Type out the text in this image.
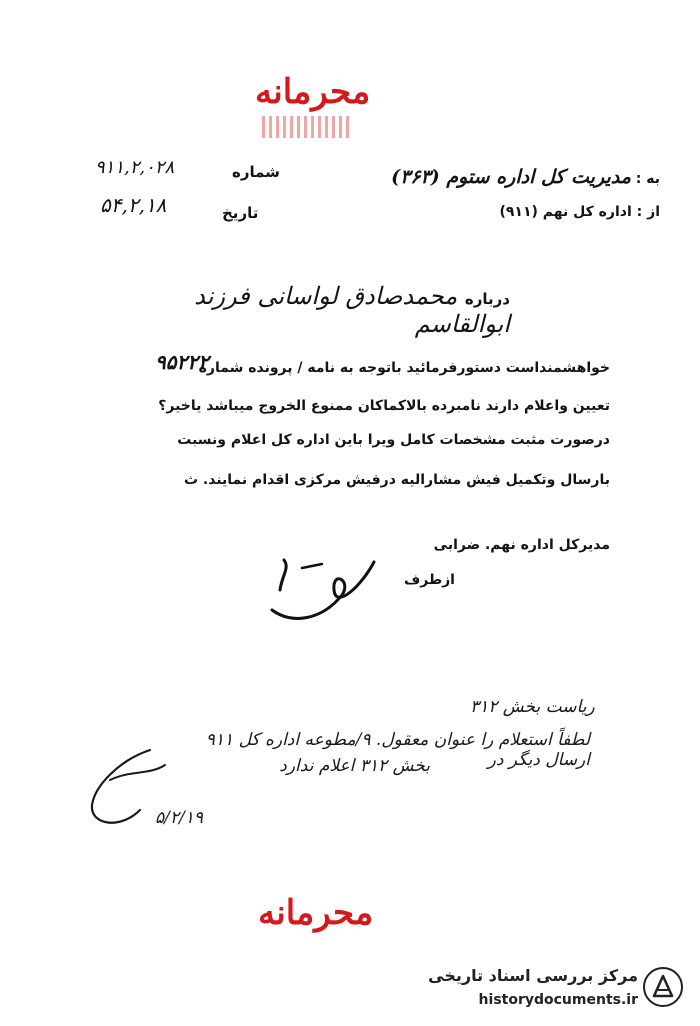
محرمانه
به : مدیریت کل اداره ستوم (۳۶۳)
از : اداره کل نهم (۹۱۱)
شماره
تاریخ
۹۱۱,۲,۰۲۸
۵۴,۲,۱۸
درباره محمدصادق لواسانی فرزند ابوالقاسم
خواهشمنداست دستورفرمائید باتوجه به نامه / پرونده شماره
۹۵۲۲۲
تعیین واعلام دارند نامبرده بالاکماکان ممنوع الخروج میباشد یاخیر؟
درصورت مثبت مشخصات کامل ویرا باین اداره کل اعلام ونسبت
بارسال وتکمیل فیش مشارالیه درفیش مرکزی اقدام نمایند. ث
مدیرکل اداره نهم. ضرابی
ازطرف
ریاست بخش ۳۱۲
لطفاً استعلام را عنوان معقول. ۹/مطوعه اداره کل ۹۱۱ ارسال دیگر در
بخش ۳۱۲ اعلام ندارد
۵/۲/۱۹
محرمانه
مرکز بررسی اسناد تاریخی
historydocuments.ir
